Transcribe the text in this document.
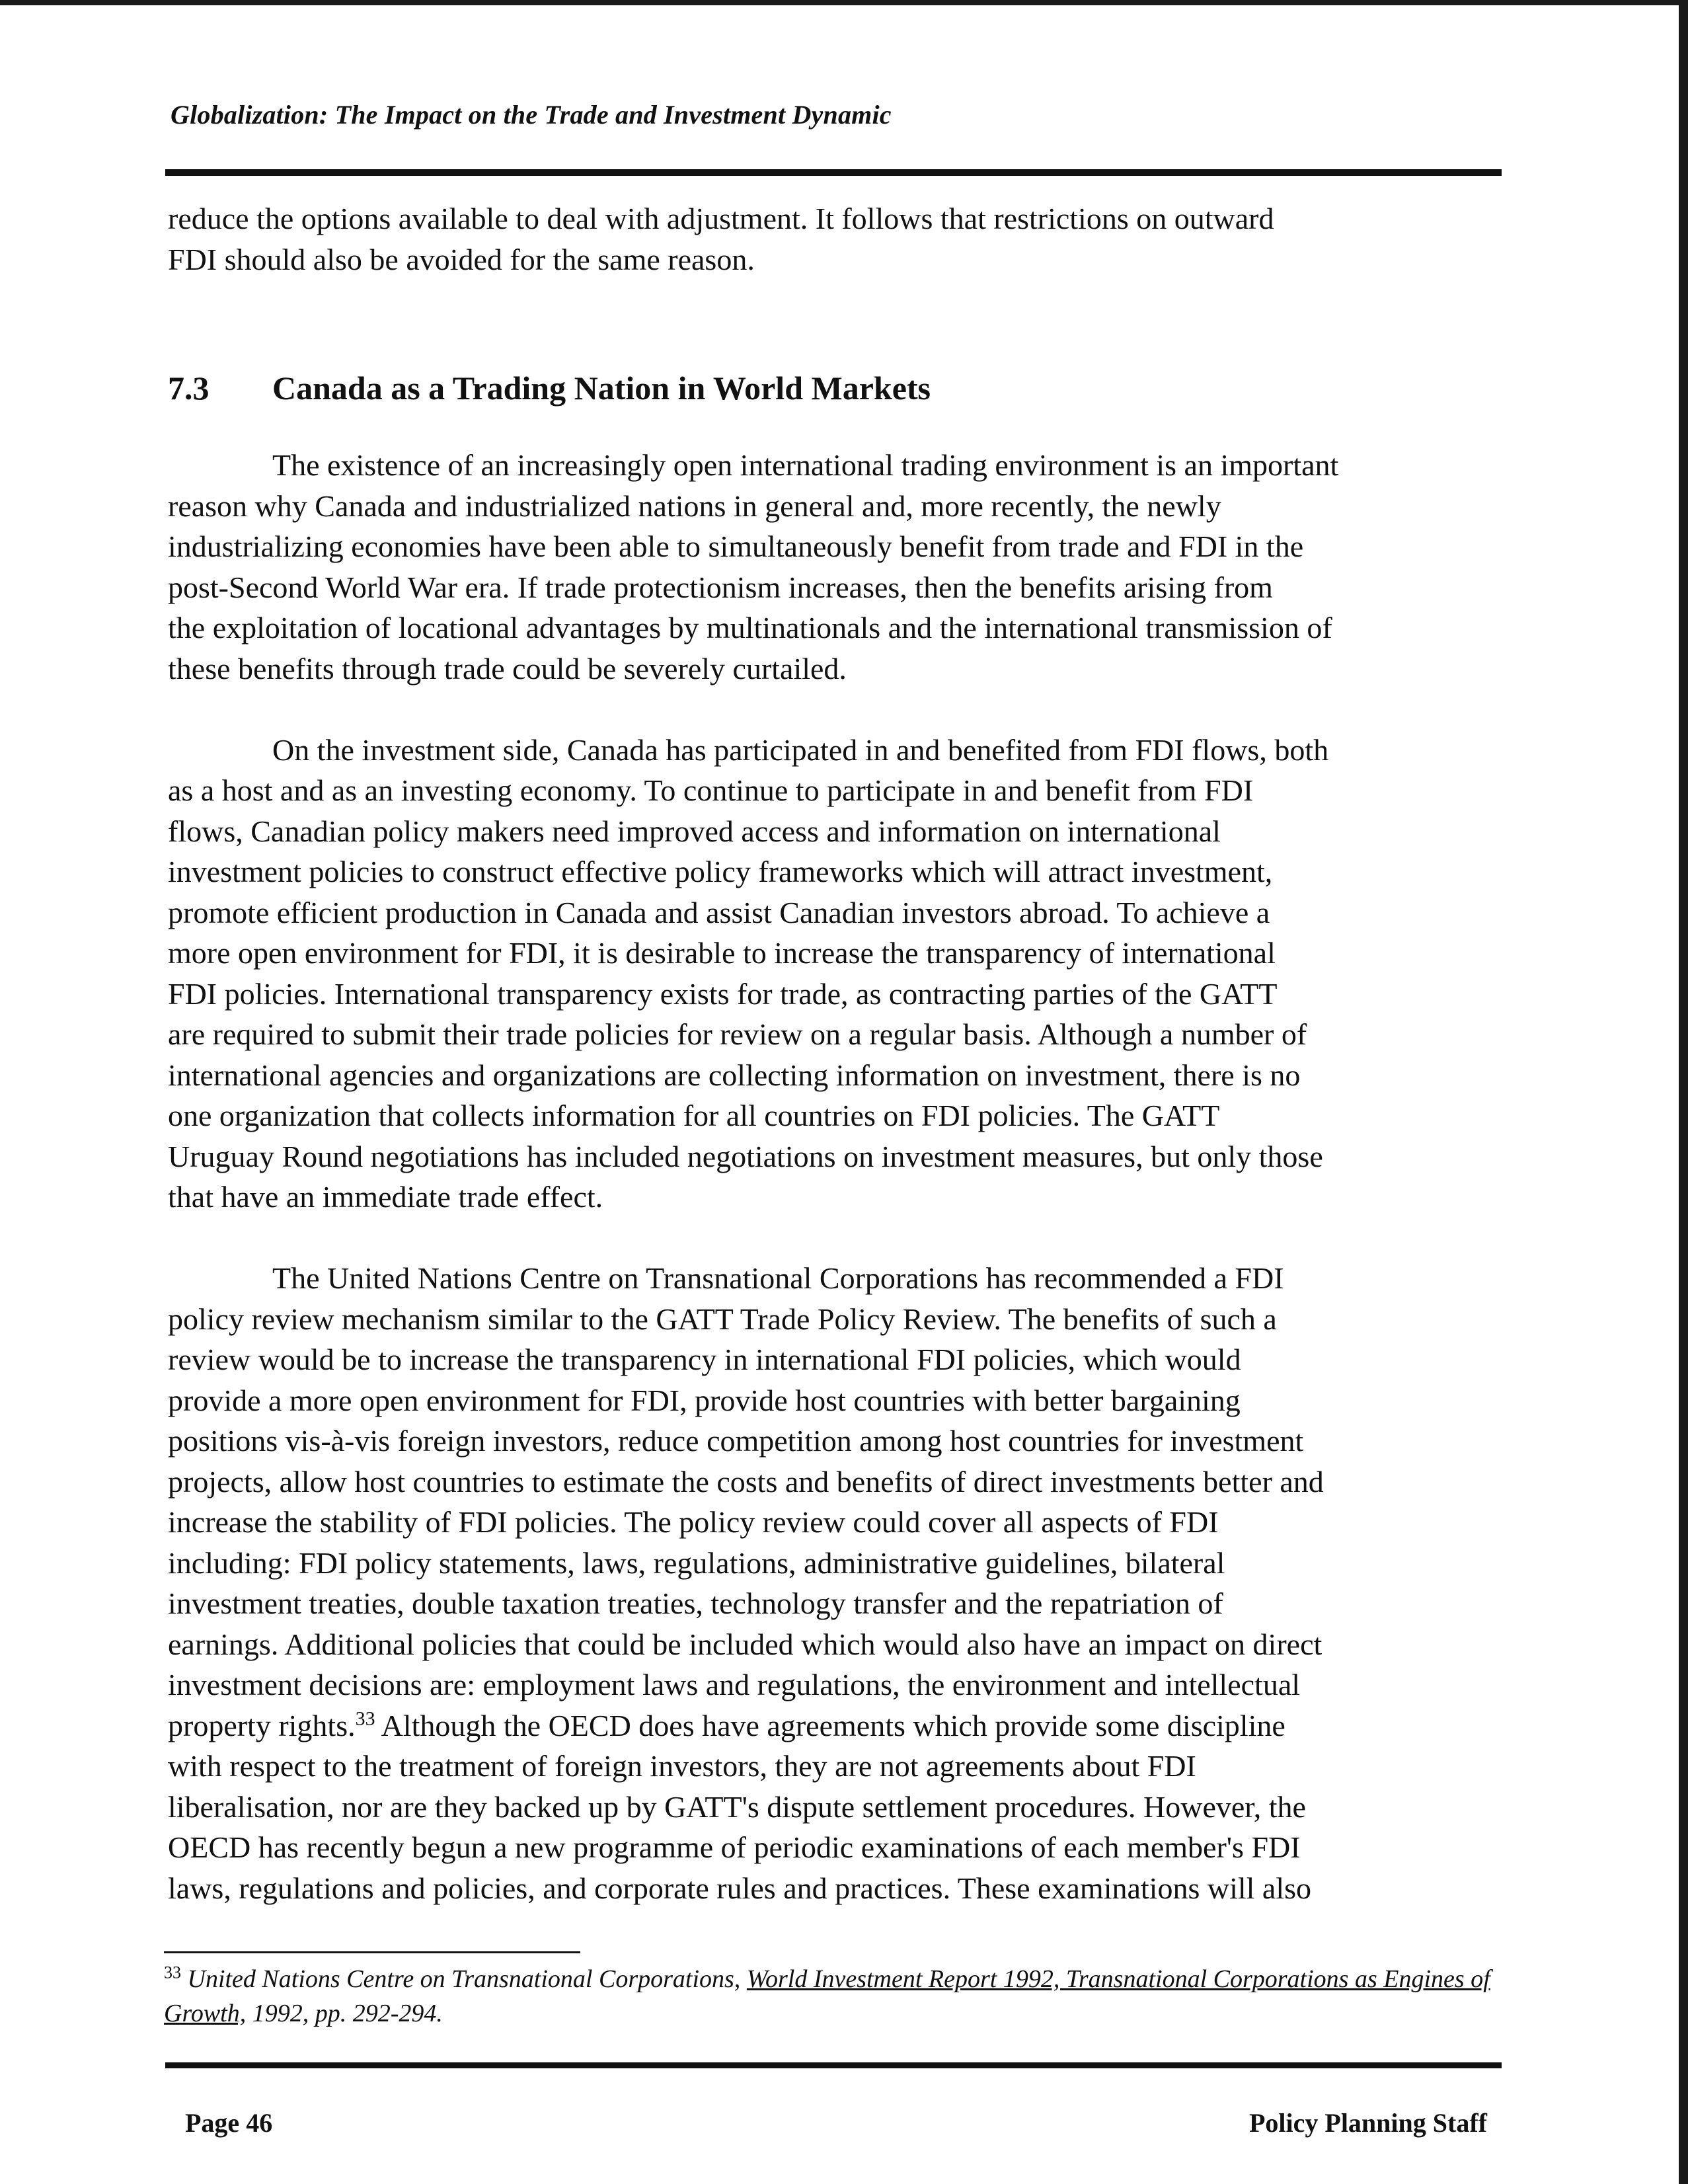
Globalization: The Impact on the Trade and Investment Dynamic

reduce the options available to deal with adjustment. It follows that restrictions on outward
FDI should also be avoided for the same reason.

7.3	Canada as a Trading Nation in World Markets

The existence of an increasingly open international trading environment is an important
reason why Canada and industrialized nations in general and, more recently, the newly
industrializing economies have been able to simultaneously benefit from trade and FDI in the
post-Second World War era. If trade protectionism increases, then the benefits arising from
the exploitation of locational advantages by multinationals and the international transmission of
these benefits through trade could be severely curtailed.

On the investment side, Canada has participated in and benefited from FDI flows, both
as a host and as an investing economy. To continue to participate in and benefit from FDI
flows, Canadian policy makers need improved access and information on international
investment policies to construct effective policy frameworks which will attract investment,
promote efficient production in Canada and assist Canadian investors abroad. To achieve a
more open environment for FDI, it is desirable to increase the transparency of international
FDI policies. International transparency exists for trade, as contracting parties of the GATT
are required to submit their trade policies for review on a regular basis. Although a number of
international agencies and organizations are collecting information on investment, there is no
one organization that collects information for all countries on FDI policies. The GATT
Uruguay Round negotiations has included negotiations on investment measures, but only those
that have an immediate trade effect.

The United Nations Centre on Transnational Corporations has recommended a FDI
policy review mechanism similar to the GATT Trade Policy Review. The benefits of such a
review would be to increase the transparency in international FDI policies, which would
provide a more open environment for FDI, provide host countries with better bargaining
positions vis-à-vis foreign investors, reduce competition among host countries for investment
projects, allow host countries to estimate the costs and benefits of direct investments better and
increase the stability of FDI policies. The policy review could cover all aspects of FDI
including: FDI policy statements, laws, regulations, administrative guidelines, bilateral
investment treaties, double taxation treaties, technology transfer and the repatriation of
earnings. Additional policies that could be included which would also have an impact on direct
investment decisions are: employment laws and regulations, the environment and intellectual
property rights.$^{33}$ Although the OECD does have agreements which provide some discipline
with respect to the treatment of foreign investors, they are not agreements about FDI
liberalisation, nor are they backed up by GATT's dispute settlement procedures. However, the
OECD has recently begun a new programme of periodic examinations of each member's FDI
laws, regulations and policies, and corporate rules and practices. These examinations will also

$^{33}$ United Nations Centre on Transnational Corporations, World Investment Report 1992, Transnational Corporations as Engines of Growth, 1992, pp. 292-294.
Page 46	Policy Planning Staff
